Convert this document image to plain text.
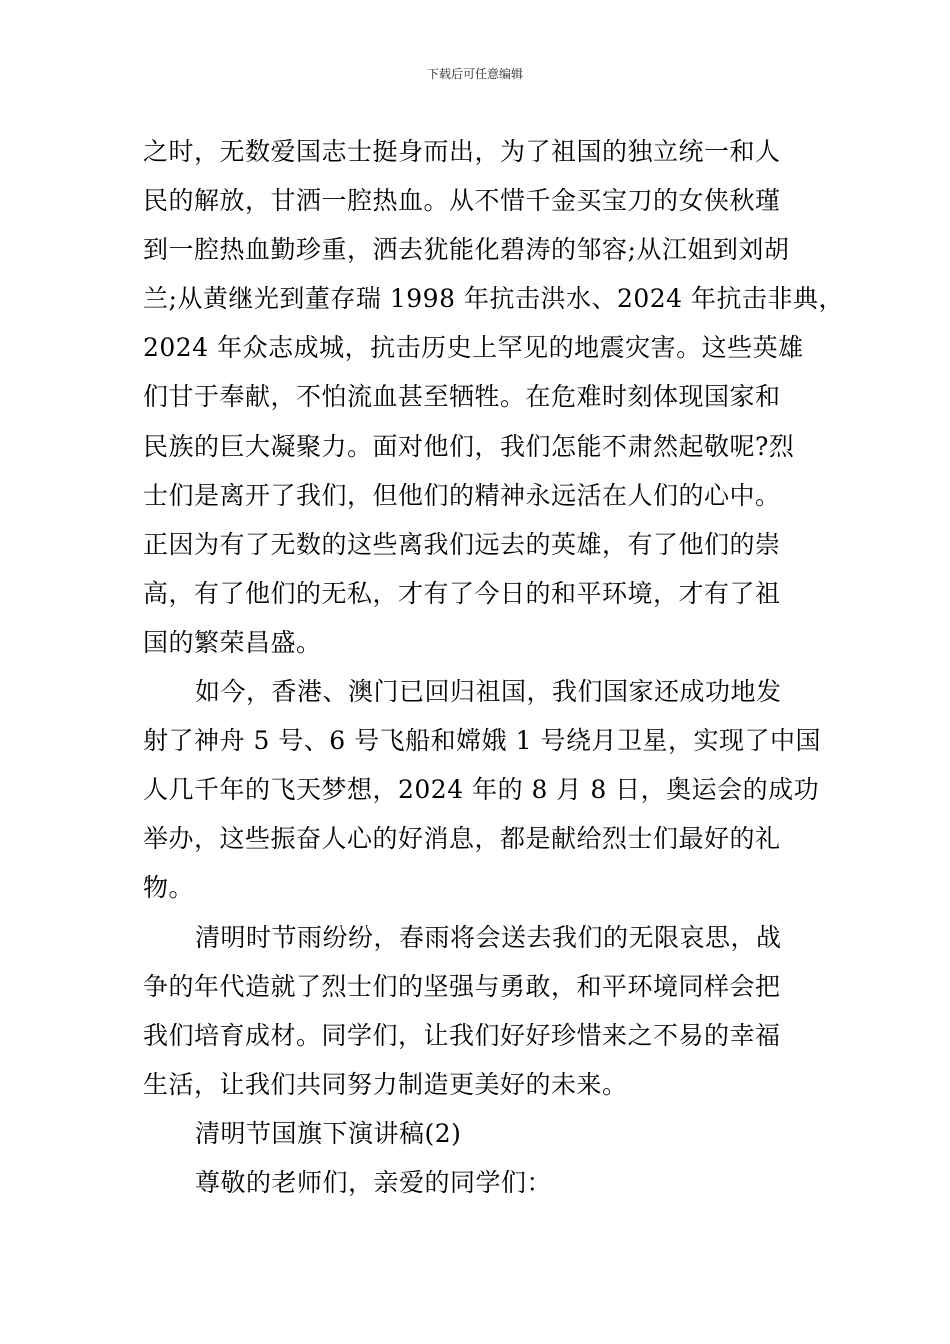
下载后可任意编辑
之时，无数爱国志士挺身而出，为了祖国的独立统一和人
民的解放，甘洒一腔热血。从不惜千金买宝刀的女侠秋瑾
到一腔热血勤珍重，洒去犹能化碧涛的邹容;从江姐到刘胡
兰;从黄继光到董存瑞 1998 年抗击洪水、2024 年抗击非典，
2024 年众志成城，抗击历史上罕见的地震灾害。这些英雄
们甘于奉献，不怕流血甚至牺牲。在危难时刻体现国家和
民族的巨大凝聚力。面对他们，我们怎能不肃然起敬呢?烈
士们是离开了我们，但他们的精神永远活在人们的心中。
正因为有了无数的这些离我们远去的英雄，有了他们的崇
高，有了他们的无私，才有了今日的和平环境，才有了祖
国的繁荣昌盛。
如今，香港、澳门已回归祖国，我们国家还成功地发
射了神舟 5 号、6 号飞船和嫦娥 1 号绕月卫星，实现了中国
人几千年的飞天梦想，2024 年的 8 月 8 日，奥运会的成功
举办，这些振奋人心的好消息，都是献给烈士们最好的礼
物。
清明时节雨纷纷，春雨将会送去我们的无限哀思，战
争的年代造就了烈士们的坚强与勇敢，和平环境同样会把
我们培育成材。同学们，让我们好好珍惜来之不易的幸福
生活，让我们共同努力制造更美好的未来。
清明节国旗下演讲稿(2)
尊敬的老师们，亲爱的同学们：
